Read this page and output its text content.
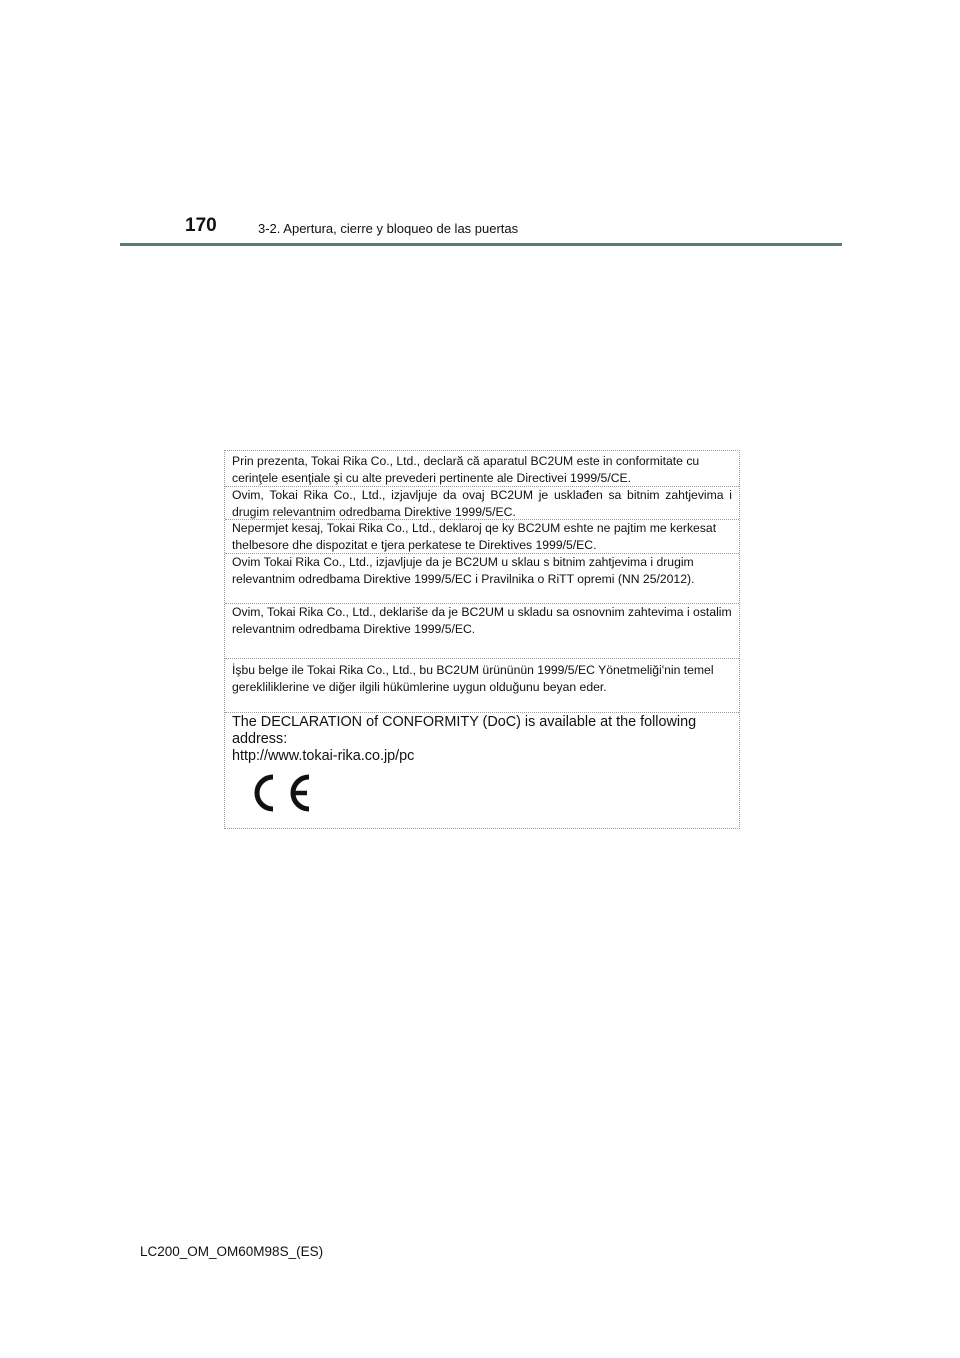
170	3-2. Apertura, cierre y bloqueo de las puertas
Prin prezenta, Tokai Rika Co., Ltd., declară că aparatul BC2UM este in conformitate cu cerinţele esenţiale şi cu alte prevederi pertinente ale Directivei 1999/5/CE.
Ovim, Tokai Rika Co., Ltd., izjavljuje da ovaj BC2UM je usklađen sa bitnim zahtjevima i drugim relevantnim odredbama Direktive 1999/5/EC.
Nepermjet kesaj, Tokai Rika Co., Ltd., deklaroj qe ky BC2UM eshte ne pajtim me kerkesat thelbesore dhe dispozitat e tjera perkatese te Direktives 1999/5/EC.
Ovim Tokai Rika Co., Ltd., izjavljuje da je BC2UM u sklau s bitnim zahtjevima i drugim relevantnim odredbama Direktive 1999/5/EC i Pravilnika o RiTT opremi (NN 25/2012).
Ovim, Tokai Rika Co., Ltd., deklariše da je BC2UM u skladu sa osnovnim zahtevima i ostalim relevantnim odredbama Direktive 1999/5/EC.
İşbu belge ile Tokai Rika Co., Ltd., bu BC2UM ürününün 1999/5/EC Yönetmeliği'nin temel gerekliliklerine ve diğer ilgili hükümlerine uygun olduğunu beyan eder.
The DECLARATION of CONFORMITY (DoC) is available at the following address:
http://www.tokai-rika.co.jp/pc
LC200_OM_OM60M98S_(ES)
